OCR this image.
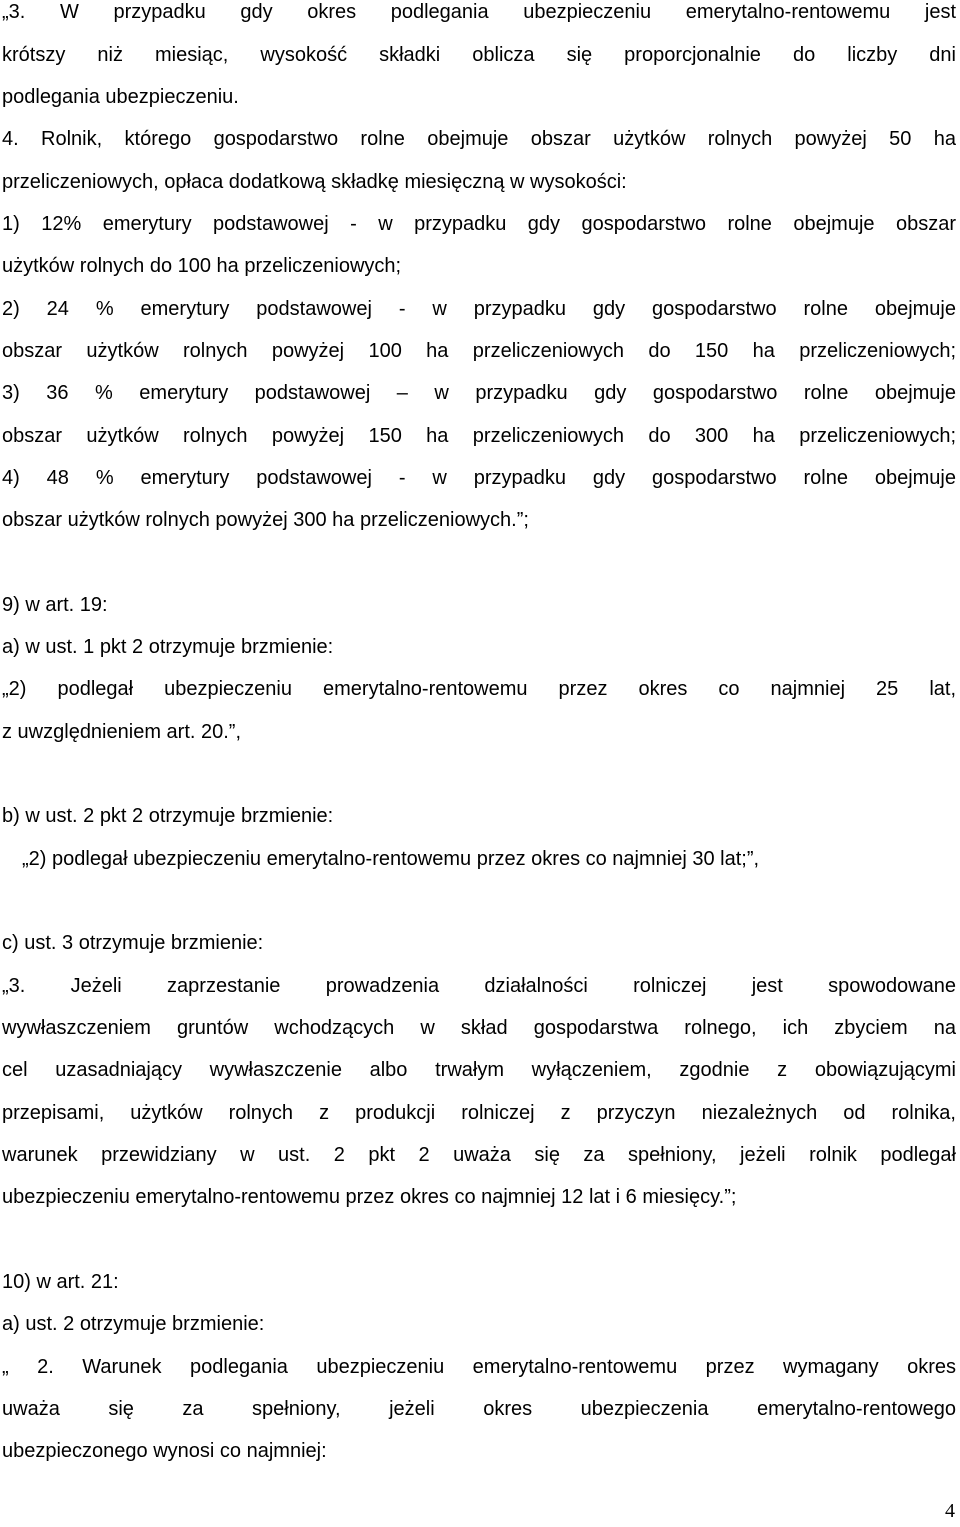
„3. W przypadku gdy okres podlegania ubezpieczeniu emerytalno-rentowemu jest
krótszy niż miesiąc, wysokość składki oblicza się proporcjonalnie do liczby dni
podlegania ubezpieczeniu.
4. Rolnik, którego gospodarstwo rolne obejmuje obszar użytków rolnych powyżej 50 ha
przeliczeniowych, opłaca dodatkową składkę miesięczną w wysokości:
1) 12% emerytury podstawowej - w przypadku gdy gospodarstwo rolne obejmuje obszar
użytków rolnych do 100 ha przeliczeniowych;
2) 24 % emerytury podstawowej - w przypadku gdy gospodarstwo rolne obejmuje
obszar użytków rolnych powyżej 100 ha przeliczeniowych do 150 ha przeliczeniowych;
3) 36 % emerytury podstawowej – w przypadku gdy gospodarstwo rolne obejmuje
obszar użytków rolnych powyżej 150 ha przeliczeniowych do 300 ha przeliczeniowych;
4) 48 % emerytury podstawowej - w przypadku gdy gospodarstwo rolne obejmuje
obszar użytków rolnych powyżej 300 ha przeliczeniowych.”;
9) w art. 19:
a) w ust. 1 pkt 2 otrzymuje brzmienie:
„2) podlegał ubezpieczeniu emerytalno-rentowemu przez okres co najmniej 25 lat,
z uwzględnieniem art. 20.”,
b) w ust. 2 pkt 2 otrzymuje brzmienie:
„2) podlegał ubezpieczeniu emerytalno-rentowemu przez okres co najmniej 30 lat;”,
c) ust. 3 otrzymuje brzmienie:
„3. Jeżeli zaprzestanie prowadzenia działalności rolniczej jest spowodowane
wywłaszczeniem gruntów wchodzących w skład gospodarstwa rolnego, ich zbyciem na
cel uzasadniający wywłaszczenie albo trwałym wyłączeniem, zgodnie z obowiązującymi
przepisami, użytków rolnych z produkcji rolniczej z przyczyn niezależnych od rolnika,
warunek przewidziany w ust. 2 pkt 2 uważa się za spełniony, jeżeli rolnik podlegał
ubezpieczeniu emerytalno-rentowemu przez okres co najmniej 12 lat i 6 miesięcy.”;
10) w art. 21:
a) ust. 2 otrzymuje brzmienie:
„ 2. Warunek podlegania ubezpieczeniu emerytalno-rentowemu przez wymagany okres
uważa się za spełniony, jeżeli okres ubezpieczenia emerytalno-rentowego
ubezpieczonego wynosi co najmniej:
4
